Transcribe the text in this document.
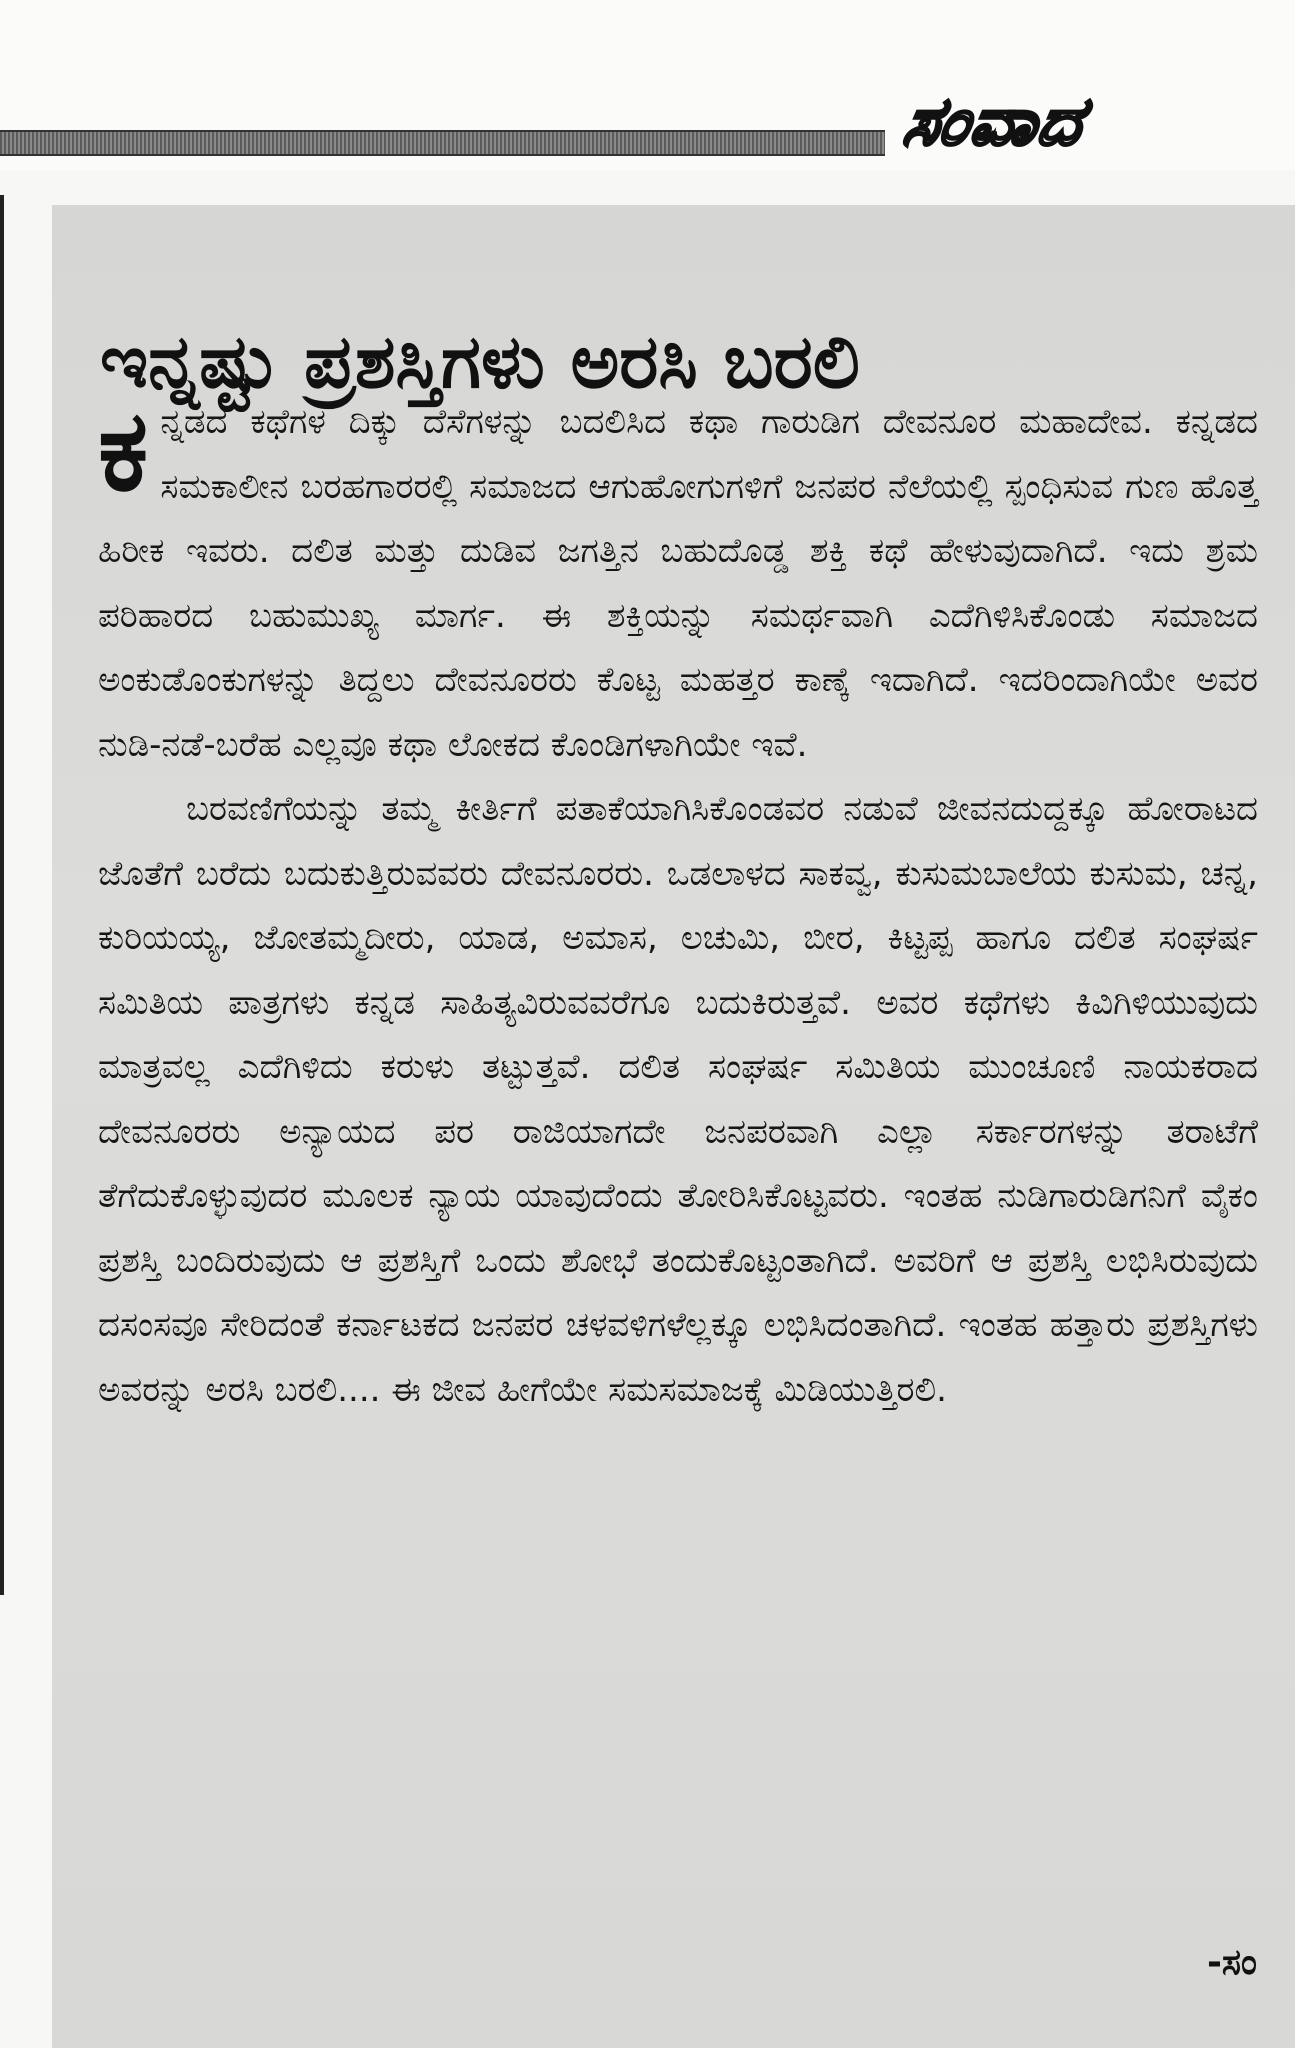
ಸಂವಾದ
ಇನ್ನಷ್ಟು ಪ್ರಶಸ್ತಿಗಳು ಅರಸಿ ಬರಲಿ

ಕನ್ನಡದ ಕಥೆಗಳ ದಿಕ್ಕು ದೆಸೆಗಳನ್ನು ಬದಲಿಸಿದ ಕಥಾ ಗಾರುಡಿಗ ದೇವನೂರ ಮಹಾದೇವ. ಕನ್ನಡದ ಸಮಕಾಲೀನ ಬರಹಗಾರರಲ್ಲಿ ಸಮಾಜದ ಆಗುಹೋಗುಗಳಿಗೆ ಜನಪರ ನೆಲೆಯಲ್ಲಿ ಸ್ಪಂಧಿಸುವ ಗುಣ ಹೊತ್ತ ಹಿರೀಕ ಇವರು. ದಲಿತ ಮತ್ತು ದುಡಿವ ಜಗತ್ತಿನ ಬಹುದೊಡ್ಡ ಶಕ್ತಿ ಕಥೆ ಹೇಳುವುದಾಗಿದೆ. ಇದು ಶ್ರಮ ಪರಿಹಾರದ ಬಹುಮುಖ್ಯ ಮಾರ್ಗ. ಈ ಶಕ್ತಿಯನ್ನು ಸಮರ್ಥವಾಗಿ ಎದೆಗಿಳಿಸಿಕೊಂಡು ಸಮಾಜದ ಅಂಕುಡೊಂಕುಗಳನ್ನು ತಿದ್ದಲು ದೇವನೂರರು ಕೊಟ್ಟ ಮಹತ್ತರ ಕಾಣ್ಕೆ ಇದಾಗಿದೆ. ಇದರಿಂದಾಗಿಯೇ ಅವರ ನುಡಿ-ನಡೆ-ಬರೆಹ ಎಲ್ಲವೂ ಕಥಾ ಲೋಕದ ಕೊಂಡಿಗಳಾಗಿಯೇ ಇವೆ.

ಬರವಣಿಗೆಯನ್ನು ತಮ್ಮ ಕೀರ್ತಿಗೆ ಪತಾಕೆಯಾಗಿಸಿಕೊಂಡವರ ನಡುವೆ ಜೀವನದುದ್ದಕ್ಕೂ ಹೋರಾಟದ ಜೊತೆಗೆ ಬರೆದು ಬದುಕುತ್ತಿರುವವರು ದೇವನೂರರು. ಒಡಲಾಳದ ಸಾಕವ್ವ, ಕುಸುಮಬಾಲೆಯ ಕುಸುಮ, ಚನ್ನ, ಕುರಿಯಯ್ಯ, ಜೋತಮ್ಮದೀರು, ಯಾಡ, ಅಮಾಸ, ಲಚುಮಿ, ಬೀರ, ಕಿಟ್ಟಪ್ಪ ಹಾಗೂ ದಲಿತ ಸಂಘರ್ಷ ಸಮಿತಿಯ ಪಾತ್ರಗಳು ಕನ್ನಡ ಸಾಹಿತ್ಯವಿರುವವರೆಗೂ ಬದುಕಿರುತ್ತವೆ. ಅವರ ಕಥೆಗಳು ಕಿವಿಗಿಳಿಯುವುದು ಮಾತ್ರವಲ್ಲ ಎದೆಗಿಳಿದು ಕರುಳು ತಟ್ಟುತ್ತವೆ. ದಲಿತ ಸಂಘರ್ಷ ಸಮಿತಿಯ ಮುಂಚೂಣಿ ನಾಯಕರಾದ ದೇವನೂರರು ಅನ್ಯಾಯದ ಪರ ರಾಜಿಯಾಗದೇ ಜನಪರವಾಗಿ ಎಲ್ಲಾ ಸರ್ಕಾರಗಳನ್ನು ತರಾಟೆಗೆ ತೆಗೆದುಕೊಳ್ಳುವುದರ ಮೂಲಕ ನ್ಯಾಯ ಯಾವುದೆಂದು ತೋರಿಸಿಕೊಟ್ಟವರು. ಇಂತಹ ನುಡಿಗಾರುಡಿಗನಿಗೆ ವೈಕಂ ಪ್ರಶಸ್ತಿ ಬಂದಿರುವುದು ಆ ಪ್ರಶಸ್ತಿಗೆ ಒಂದು ಶೋಭೆ ತಂದುಕೊಟ್ಟಂತಾಗಿದೆ. ಅವರಿಗೆ ಆ ಪ್ರಶಸ್ತಿ ಲಭಿಸಿರುವುದು ದಸಂಸವೂ ಸೇರಿದಂತೆ ಕರ್ನಾಟಕದ ಜನಪರ ಚಳವಳಿಗಳೆಲ್ಲಕ್ಕೂ ಲಭಿಸಿದಂತಾಗಿದೆ. ಇಂತಹ ಹತ್ತಾರು ಪ್ರಶಸ್ತಿಗಳು ಅವರನ್ನು ಅರಸಿ ಬರಲಿ.... ಈ ಜೀವ ಹೀಗೆಯೇ ಸಮಸಮಾಜಕ್ಕೆ ಮಿಡಿಯುತ್ತಿರಲಿ.

-ಸಂ
